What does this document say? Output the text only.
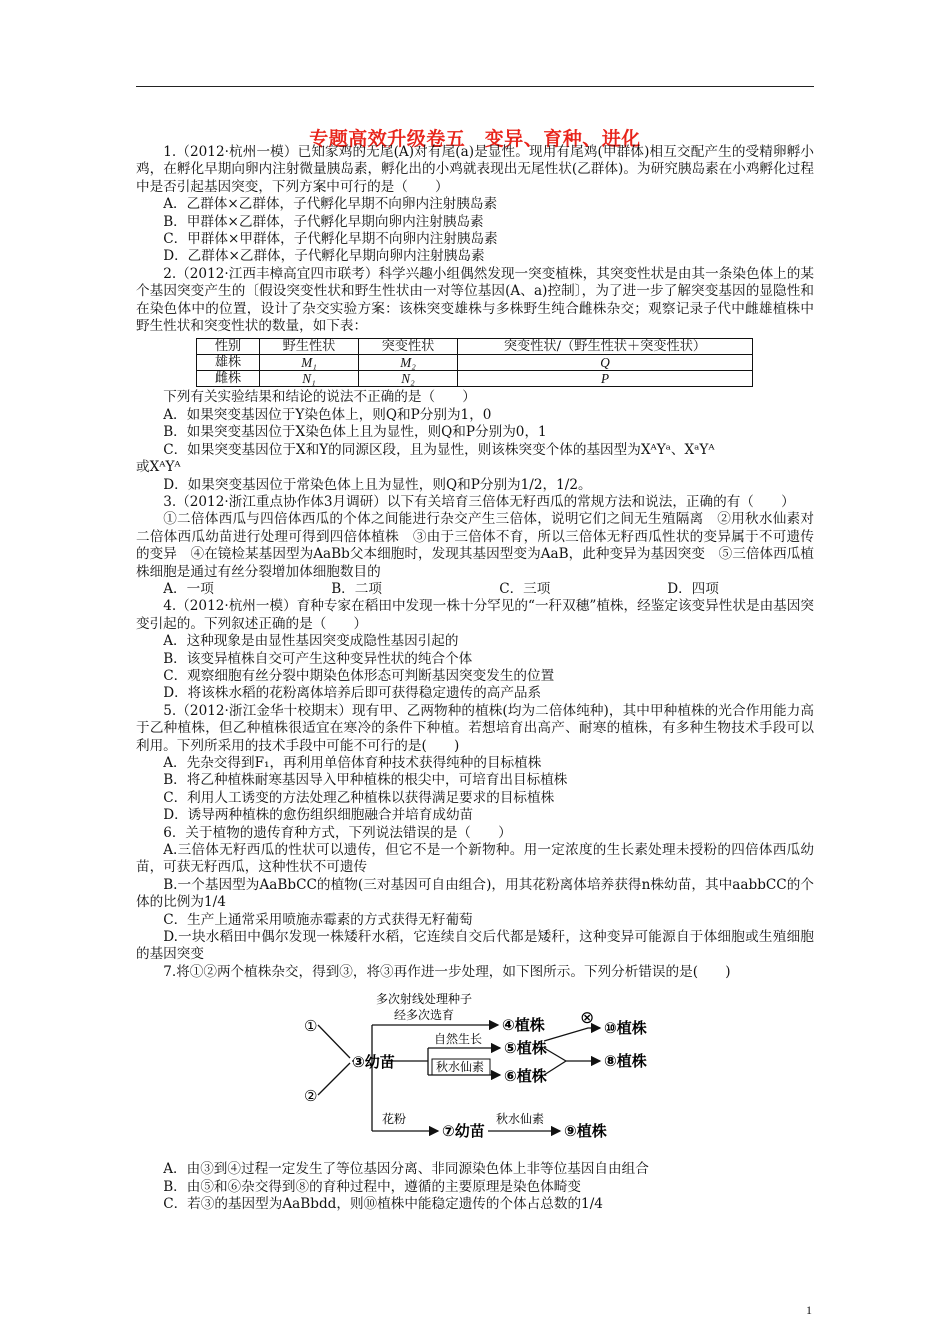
专题高效升级卷五　变异、育种、进化

1.（2012·杭州一模）已知家鸡的无尾(A)对有尾(a)是显性。现用有尾鸡(甲群体)相互交配产生的受精卵孵小鸡，在孵化早期向卵内注射微量胰岛素，孵化出的小鸡就表现出无尾性状(乙群体)。为研究胰岛素在小鸡孵化过程中是否引起基因突变，下列方案中可行的是（　　）

A．乙群体×乙群体，子代孵化早期不向卵内注射胰岛素

B．甲群体×乙群体，子代孵化早期向卵内注射胰岛素

C．甲群体×甲群体，子代孵化早期不向卵内注射胰岛素

D．乙群体×乙群体，子代孵化早期向卵内注射胰岛素

2.（2012·江西丰樟高宜四市联考）科学兴趣小组偶然发现一突变植株，其突变性状是由其一条染色体上的某个基因突变产生的〔假设突变性状和野生性状由一对等位基因(A、a)控制〕，为了进一步了解突变基因的显隐性和在染色体中的位置，设计了杂交实验方案：该株突变雄株与多株野生纯合雌株杂交；观察记录子代中雌雄植株中野生性状和突变性状的数量，如下表：

性别	野生性状	突变性状	突变性状/（野生性状＋突变性状）
雄株	M₁	M₂	Q
雌株	N₁	N₂	P

下列有关实验结果和结论的说法不正确的是（　　）

A．如果突变基因位于Y染色体上，则Q和P分别为1，0

B．如果突变基因位于X染色体上且为显性，则Q和P分别为0，1

C．如果突变基因位于X和Y的同源区段，且为显性，则该株突变个体的基因型为XᴬYᵃ、XᵃYᴬ

或XᴬYᴬ

D．如果突变基因位于常染色体上且为显性，则Q和P分别为1/2，1/2。

3.（2012·浙江重点协作体3月调研）以下有关培育三倍体无籽西瓜的常规方法和说法，正确的有（　　）

①二倍体西瓜与四倍体西瓜的个体之间能进行杂交产生三倍体，说明它们之间无生殖隔离　②用秋水仙素对二倍体西瓜幼苗进行处理可得到四倍体植株　③由于三倍体不育，所以三倍体无籽西瓜性状的变异属于不可遗传的变异　④在镜检某基因型为AaBb父本细胞时，发现其基因型变为AaB，此种变异为基因突变　⑤三倍体西瓜植株细胞是通过有丝分裂增加体细胞数目的

A．一项	B．二项	C．三项	D．四项

4.（2012·杭州一模）育种专家在稻田中发现一株十分罕见的“一秆双穗”植株，经鉴定该变异性状是由基因突变引起的。下列叙述正确的是（　　）

A．这种现象是由显性基因突变成隐性基因引起的

B．该变异植株自交可产生这种变异性状的纯合个体

C．观察细胞有丝分裂中期染色体形态可判断基因突变发生的位置

D．将该株水稻的花粉离体培养后即可获得稳定遗传的高产品系

5.（2012·浙江金华十校期末）现有甲、乙两物种的植株(均为二倍体纯种)，其中甲种植株的光合作用能力高于乙种植株，但乙种植株很适宜在寒冷的条件下种植。若想培育出高产、耐寒的植株，有多种生物技术手段可以利用。下列所采用的技术手段中可能不可行的是(　　)

A．先杂交得到F₁，再利用单倍体育种技术获得纯种的目标植株

B．将乙种植株耐寒基因导入甲种植株的根尖中，可培育出目标植株

C．利用人工诱变的方法处理乙种植株以获得满足要求的目标植株

D．诱导两种植株的愈伤组织细胞融合并培育成幼苗

6．关于植物的遗传育种方式，下列说法错误的是（　　）

A.三倍体无籽西瓜的性状可以遗传，但它不是一个新物种。用一定浓度的生长素处理未授粉的四倍体西瓜幼苗，可获无籽西瓜，这种性状不可遗传

B.一个基因型为AaBbCC的植物(三对基因可自由组合)，用其花粉离体培养获得n株幼苗，其中aabbCC的个体的比例为1/4

C．生产上通常采用喷施赤霉素的方式获得无籽葡萄

D.一块水稻田中偶尔发现一株矮秆水稻，它连续自交后代都是矮秆，这种变异可能源自于体细胞或生殖细胞的基因突变

7.将①②两个植株杂交，得到③，将③再作进一步处理，如下图所示。下列分析错误的是(　　)

①
②
③幼苗
多次射线处理种子
④植株
经多次选育
自然生长
秋水仙素
⑤植株
⑥植株
⊗ ⑩植株
⑧植株
花粉
⑦幼苗
秋水仙素
⑨植株

A．由③到④过程一定发生了等位基因分离、非同源染色体上非等位基因自由组合

B．由⑤和⑥杂交得到⑧的育种过程中，遵循的主要原理是染色体畸变

C．若③的基因型为AaBbdd，则⑩植株中能稳定遗传的个体占总数的1/4

1
